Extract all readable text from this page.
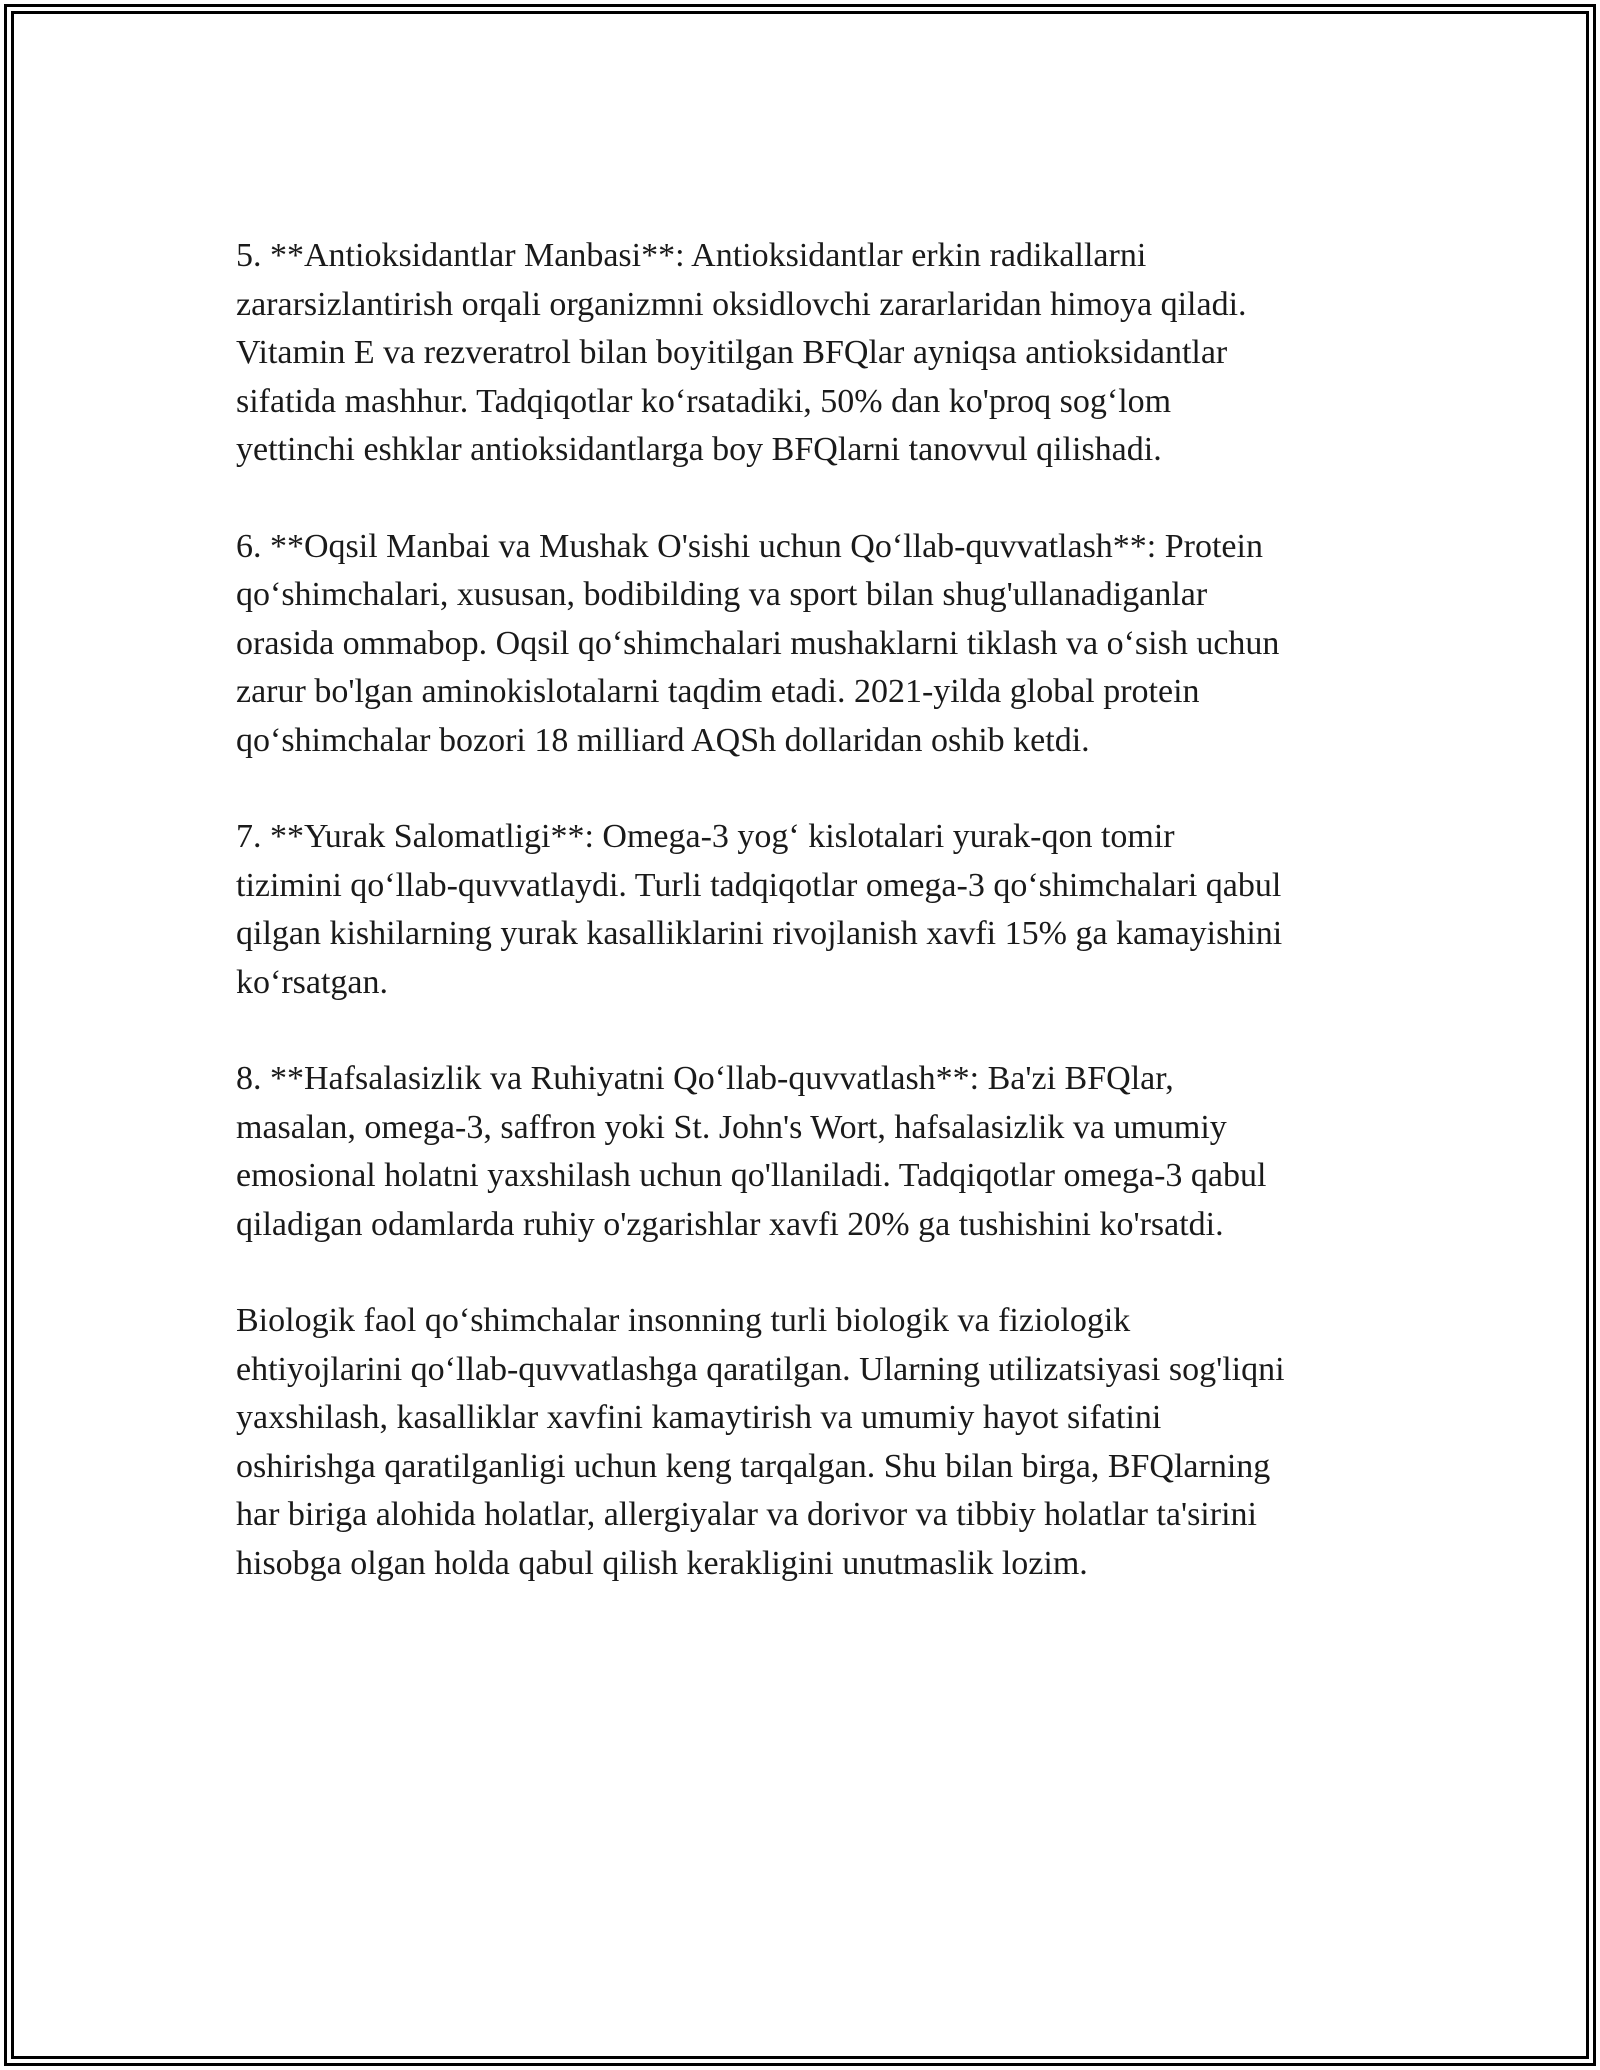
5. **Antioksidantlar Manbasi**: Antioksidantlar erkin radikallarni
zararsizlantirish orqali organizmni oksidlovchi zararlaridan himoya qiladi.
Vitamin E va rezveratrol bilan boyitilgan BFQlar ayniqsa antioksidantlar
sifatida mashhur. Tadqiqotlar ko‘rsatadiki, 50% dan ko'proq sog‘lom
yettinchi eshklar antioksidantlarga boy BFQlarni tanovvul qilishadi.

6. **Oqsil Manbai va Mushak O'sishi uchun Qo‘llab-quvvatlash**: Protein
qo‘shimchalari, xususan, bodibilding va sport bilan shug'ullanadiganlar
orasida ommabop. Oqsil qo‘shimchalari mushaklarni tiklash va o‘sish uchun
zarur bo'lgan aminokislotalarni taqdim etadi. 2021-yilda global protein
qo‘shimchalar bozori 18 milliard AQSh dollaridan oshib ketdi.

7. **Yurak Salomatligi**: Omega-3 yog‘ kislotalari yurak-qon tomir
tizimini qo‘llab-quvvatlaydi. Turli tadqiqotlar omega-3 qo‘shimchalari qabul
qilgan kishilarning yurak kasalliklarini rivojlanish xavfi 15% ga kamayishini
ko‘rsatgan.

8. **Hafsalasizlik va Ruhiyatni Qo‘llab-quvvatlash**: Ba'zi BFQlar,
masalan, omega-3, saffron yoki St. John's Wort, hafsalasizlik va umumiy
emosional holatni yaxshilash uchun qo'llaniladi. Tadqiqotlar omega-3 qabul
qiladigan odamlarda ruhiy o'zgarishlar xavfi 20% ga tushishini ko'rsatdi.

Biologik faol qo‘shimchalar insonning turli biologik va fiziologik
ehtiyojlarini qo‘llab-quvvatlashga qaratilgan. Ularning utilizatsiyasi sog'liqni
yaxshilash, kasalliklar xavfini kamaytirish va umumiy hayot sifatini
oshirishga qaratilganligi uchun keng tarqalgan. Shu bilan birga, BFQlarning
har biriga alohida holatlar, allergiyalar va dorivor va tibbiy holatlar ta'sirini
hisobga olgan holda qabul qilish kerakligini unutmaslik lozim.
